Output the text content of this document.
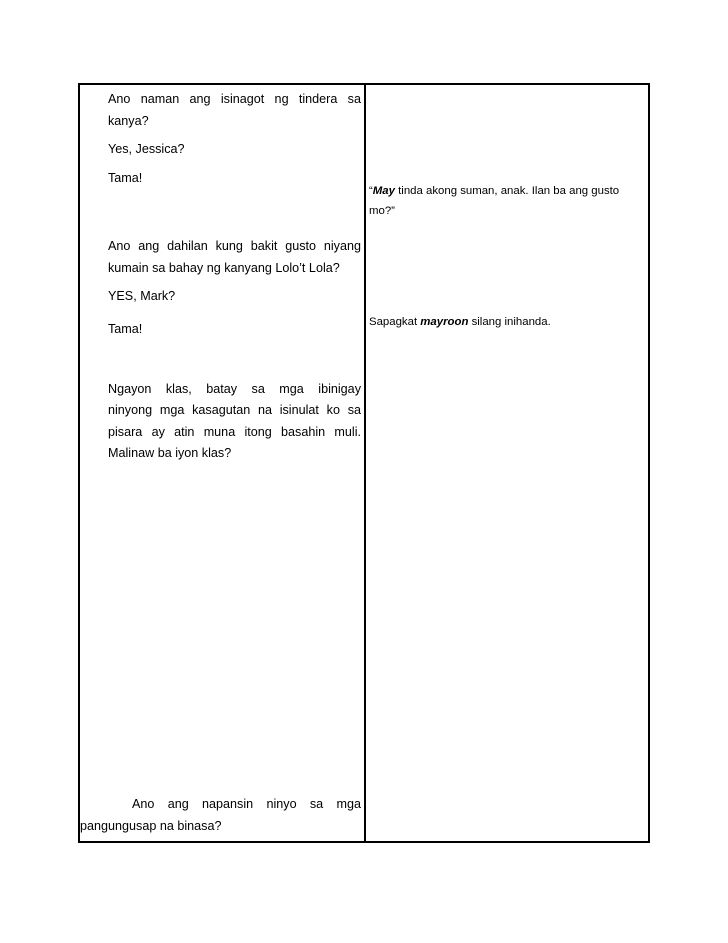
Ano naman ang isinagot ng tindera sa

kanya?

Yes, Jessica?

Tama!

Ano ang dahilan kung bakit gusto niyang

kumain sa bahay ng kanyang Lolo’t Lola?

YES, Mark?

Tama!

Ngayon klas, batay sa mga ibinigay

ninyong mga kasagutan na isinulat ko sa

pisara ay atin muna itong basahin muli.

Malinaw ba iyon klas?

Ano ang napansin ninyo sa mga

pangungusap na binasa?

“May tinda akong suman, anak. Ilan ba ang gusto

mo?”

Sapagkat mayroon silang inihanda.
